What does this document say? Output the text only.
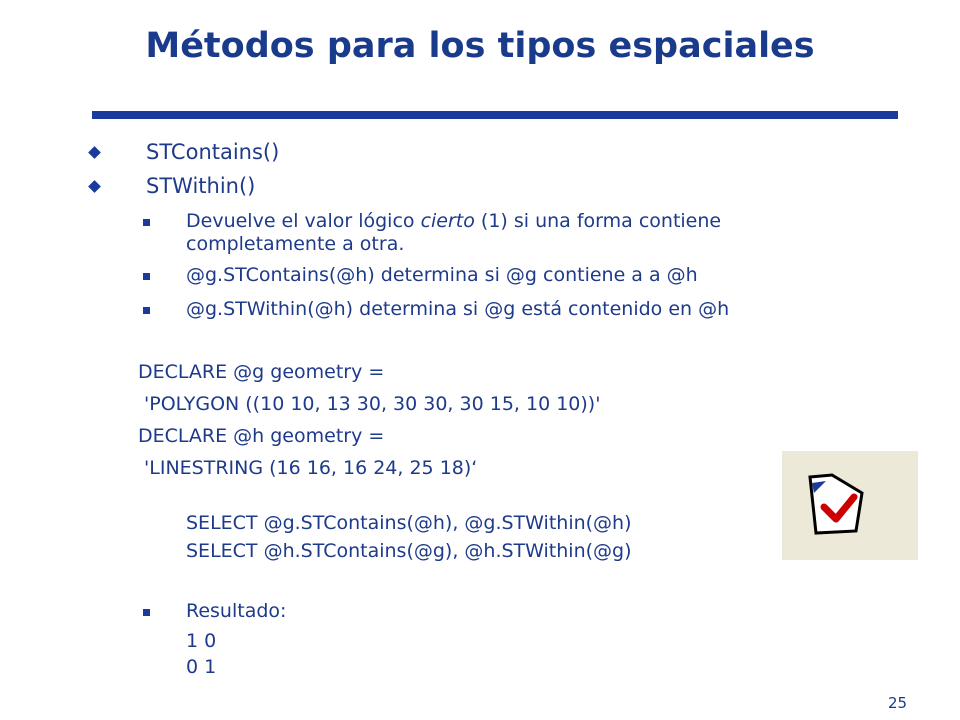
Métodos para los tipos espaciales
STContains()
STWithin()
Devuelve el valor lógico cierto (1) si una forma contiene
completamente a otra.
@g.STContains(@h) determina si @g contiene a a @h
@g.STWithin(@h) determina si @g está contenido en @h
DECLARE @g geometry =
'POLYGON ((10 10, 13 30, 30 30, 30 15, 10 10))'
DECLARE @h geometry =
'LINESTRING (16 16, 16 24, 25 18)‘
SELECT @g.STContains(@h), @g.STWithin(@h)
SELECT @h.STContains(@g), @h.STWithin(@g)
Resultado:
1 0
0 1
25
